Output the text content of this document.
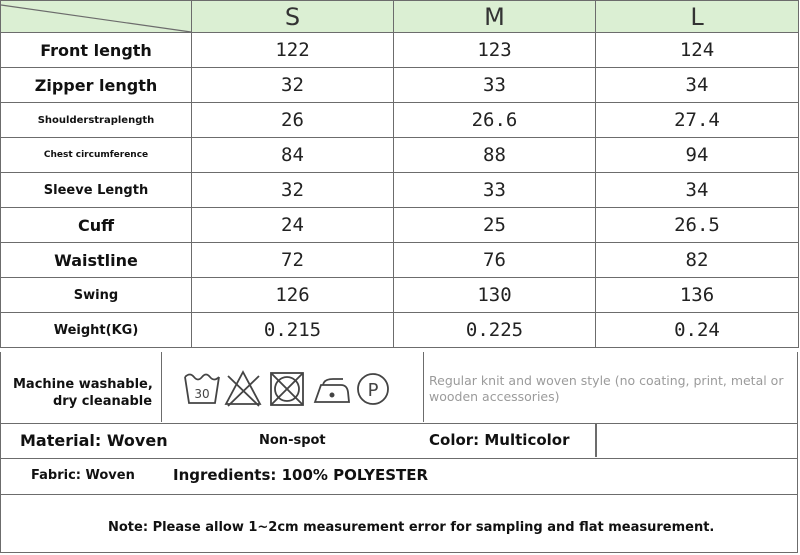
	S	M	L
Front length	122	123	124
Zipper length	32	33	34
Shoulderstraplength	26	26.6	27.4
Chest circumference	84	88	94
Sleeve Length	32	33	34
Cuff	24	25	26.5
Waistline	72	76	82
Swing	126	130	136
Weight(KG)	0.215	0.225	0.24
Machine washable,
dry cleanable	30	P	Regular knit and woven style (no coating, print, metal or wooden accessories)
Material: Woven	Non-spot	Color: Multicolor
Fabric: Woven	Ingredients: 100% POLYESTER
Note: Please allow 1~2cm measurement error for sampling and flat measurement.
